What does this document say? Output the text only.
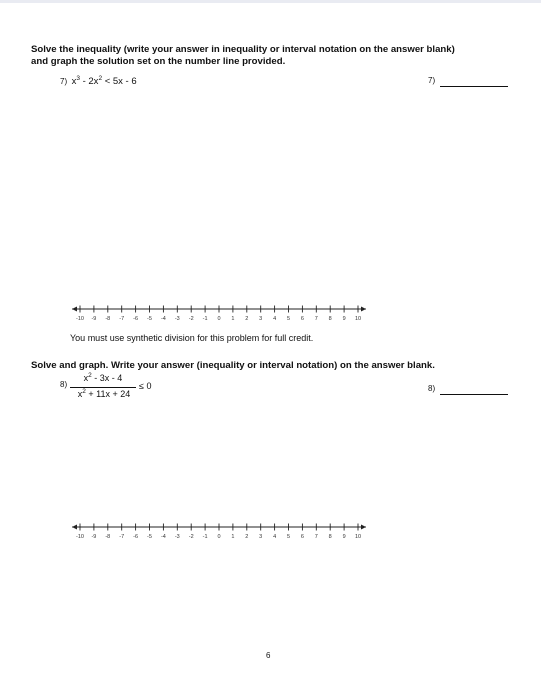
Solve the inequality (write your answer in inequality or interval notation on the answer blank)
and graph the solution set on the number line provided.
7) $x^3 - 2x^2 < 5x - 6$	7)
-10 -9 -8 -7 -6 -5 -4 -3 -2 -1 0 1 2 3 4 5 6 7 8 9 10
You must use synthetic division for this problem for full credit.
Solve and graph. Write your answer (inequality or interval notation) on the answer blank.
8)
$x^2 - 3x - 4$
$x^2 + 11x + 24$
≤ 0	8)
-10 -9 -8 -7 -6 -5 -4 -3 -2 -1 0 1 2 3 4 5 6 7 8 9 10
6
